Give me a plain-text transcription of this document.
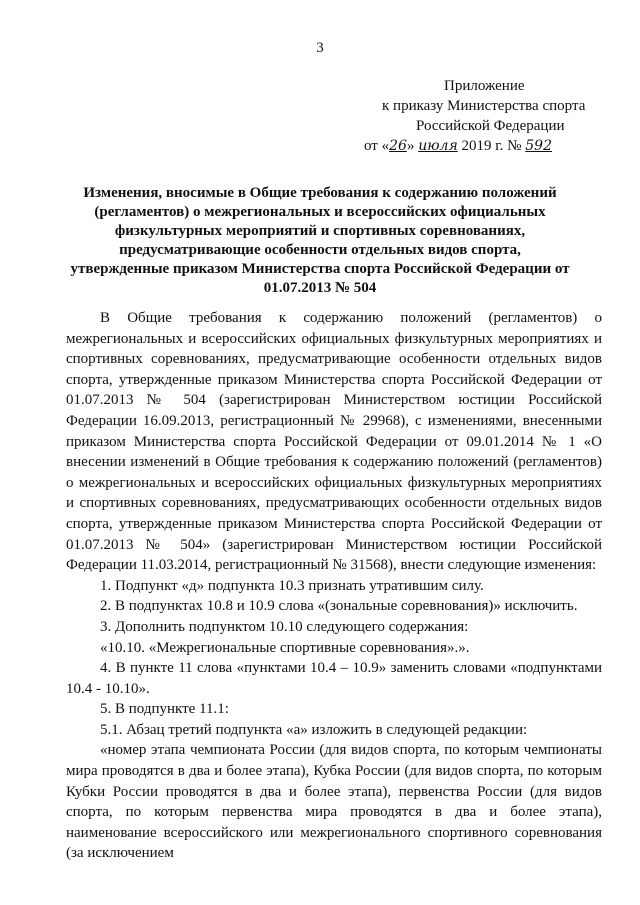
3
Приложение
к приказу Министерства спорта
Российской Федерации
от «26» июля 2019 г. № 592
Изменения, вносимые в Общие требования к содержанию положений (регламентов) о межрегиональных и всероссийских официальных физкультурных мероприятий и спортивных соревнованиях, предусматривающие особенности отдельных видов спорта, утвержденные приказом Министерства спорта Российской Федерации от 01.07.2013 № 504

В Общие требования к содержанию положений (регламентов) о межрегиональных и всероссийских официальных физкультурных мероприятиях и спортивных соревнованиях, предусматривающие особенности отдельных видов спорта, утвержденные приказом Министерства спорта Российской Федерации от 01.07.2013 № 504 (зарегистрирован Министерством юстиции Российской Федерации 16.09.2013, регистрационный № 29968), с изменениями, внесенными приказом Министерства спорта Российской Федерации от 09.01.2014 № 1 «О внесении изменений в Общие требования к содержанию положений (регламентов) о межрегиональных и всероссийских официальных физкультурных мероприятиях и спортивных соревнованиях, предусматривающих особенности отдельных видов спорта, утвержденные приказом Министерства спорта Российской Федерации от 01.07.2013 № 504» (зарегистрирован Министерством юстиции Российской Федерации 11.03.2014, регистрационный № 31568), внести следующие изменения:

1. Подпункт «д» подпункта 10.3 признать утратившим силу.

2. В подпунктах 10.8 и 10.9 слова «(зональные соревнования)» исключить.

3. Дополнить подпунктом 10.10 следующего содержания:

«10.10. «Межрегиональные спортивные соревнования».».

4. В пункте 11 слова «пунктами 10.4 – 10.9» заменить словами «подпунктами 10.4 - 10.10».

5. В подпункте 11.1:

5.1. Абзац третий подпункта «а» изложить в следующей редакции:

«номер этапа чемпионата России (для видов спорта, по которым чемпионаты мира проводятся в два и более этапа), Кубка России (для видов спорта, по которым Кубки России проводятся в два и более этапа), первенства России (для видов спорта, по которым первенства мира проводятся в два и более этапа), наименование всероссийского или межрегионального спортивного соревнования (за исключением
